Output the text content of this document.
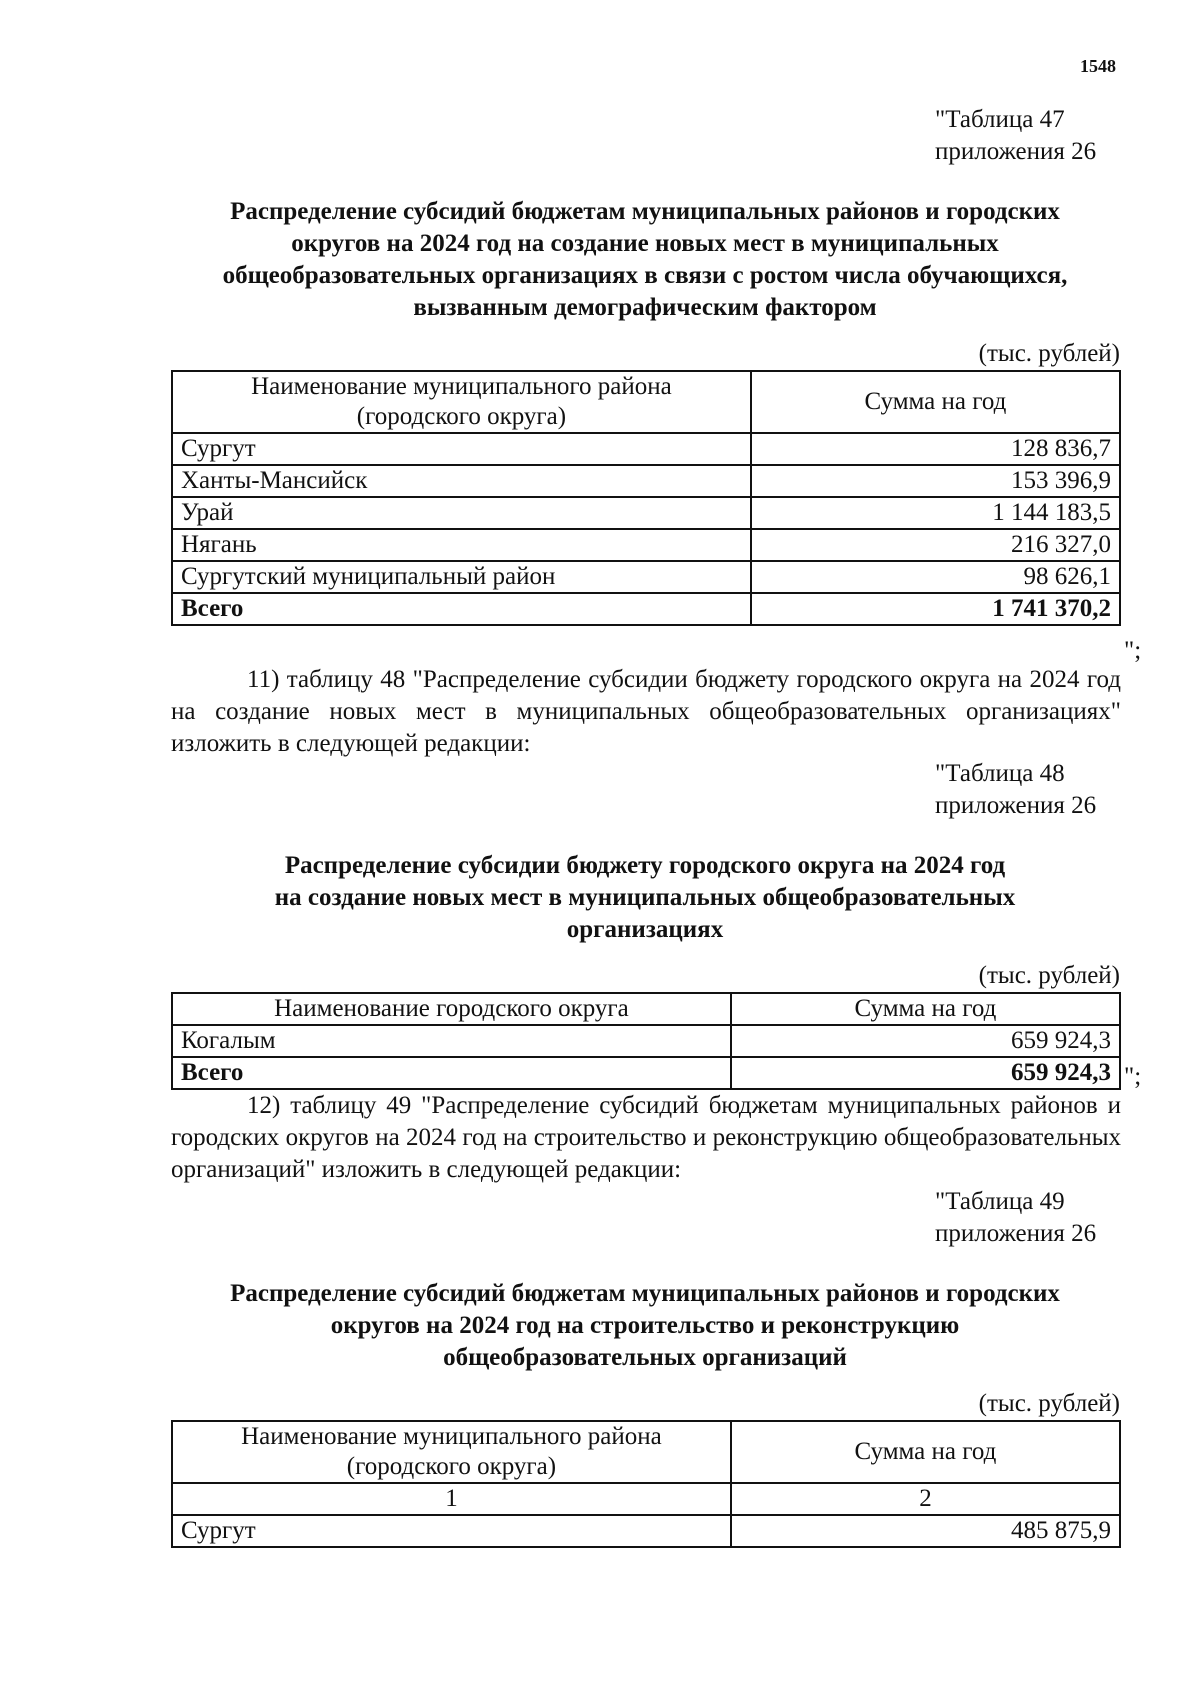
1548
"Таблица 47
приложения 26
Распределение субсидий бюджетам муниципальных районов и городских
округов на 2024 год на создание новых мест в муниципальных
общеобразовательных организациях в связи с ростом числа обучающихся,
вызванным демографическим фактором
(тыс. рублей)
Наименование муниципального района
(городского округа)	Сумма на год
Сургут	128 836,7
Ханты-Мансийск	153 396,9
Урай	1 144 183,5
Нягань	216 327,0
Сургутский муниципальный район	98 626,1
Всего	1 741 370,2
";
11) таблицу 48 "Распределение субсидии бюджету городского округа на 2024 год на создание новых мест в муниципальных общеобразовательных организациях" изложить в следующей редакции:
"Таблица 48
приложения 26
Распределение субсидии бюджету городского округа на 2024 год
на создание новых мест в муниципальных общеобразовательных
организациях
(тыс. рублей)
Наименование городского округа	Сумма на год
Когалым	659 924,3
Всего	659 924,3 ";
12) таблицу 49 "Распределение субсидий бюджетам муниципальных районов и городских округов на 2024 год на строительство и реконструкцию общеобразовательных организаций" изложить в следующей редакции:
"Таблица 49
приложения 26
Распределение субсидий бюджетам муниципальных районов и городских
округов на 2024 год на строительство и реконструкцию
общеобразовательных организаций
(тыс. рублей)
Наименование муниципального района
(городского округа)	Сумма на год
1	2
Сургут	485 875,9
